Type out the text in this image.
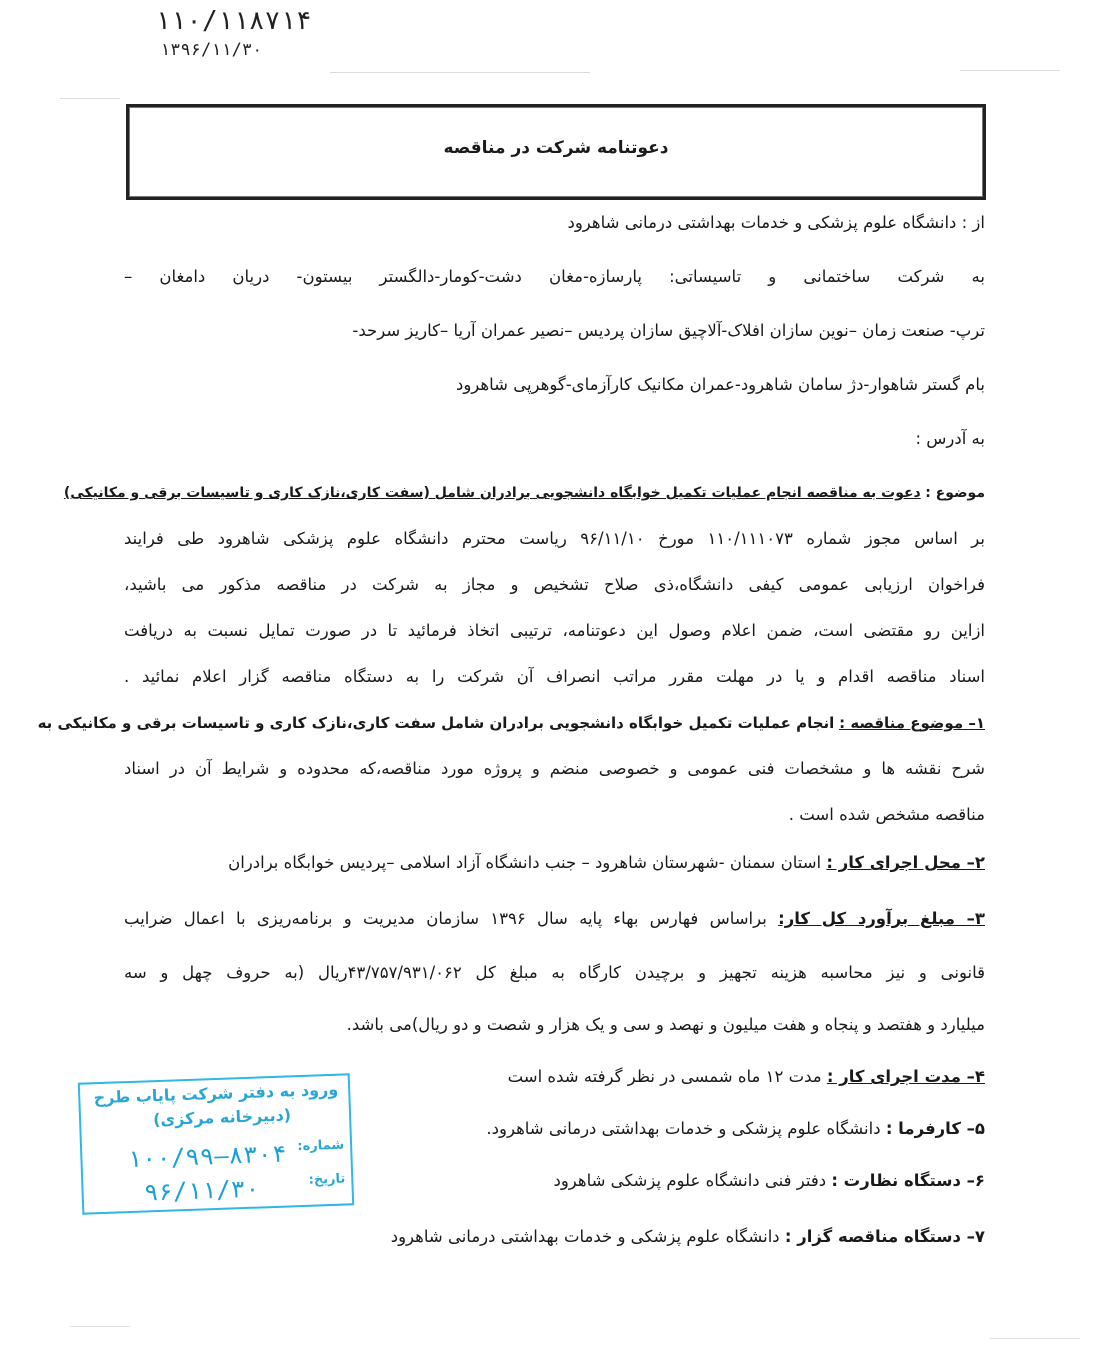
۱۱۰/۱۱۸۷۱۴
۱۳۹۶/۱۱/۳۰
دعوتنامه شرکت در مناقصه
از : دانشگاه علوم پزشکی و خدمات بهداشتی درمانی شاهرود
به شرکت ساختمانی و تاسیساتی: پارسازه-مغان دشت-کومار-دالگستر بیستون- دریان دامغان –
ترپ- صنعت زمان –نوین سازان افلاک-آلاچیق سازان پردیس –نصیر عمران آریا –کاریز سرحد-
بام گستر شاهوار-دژ سامان شاهرود-عمران مکانیک کارآزمای-گوهرپی شاهرود
به آدرس :
موضوع : دعوت به مناقصه انجام عملیات تکمیل خوابگاه دانشجویی برادران شامل (سفت کاری،نازک کاری و تاسیسات برقی و مکانیکی)
بر اساس مجوز شماره ۱۱۰/۱۱۱۰۷۳ مورخ ۹۶/۱۱/۱۰ ریاست محترم دانشگاه علوم پزشکی شاهرود طی فرایند
فراخوان ارزیابی عمومی کیفی دانشگاه،ذی صلاح تشخیص و مجاز به شرکت در مناقصه مذکور می باشید،
ازاین رو مقتضی است، ضمن اعلام وصول این دعوتنامه، ترتیبی اتخاذ فرمائید تا در صورت تمایل نسبت به دریافت
اسناد مناقصه اقدام و یا در مهلت مقرر مراتب انصراف آن شرکت را به دستگاه مناقصه گزار اعلام نمائید .
۱– موضوع مناقصه : انجام عملیات تکمیل خوابگاه دانشجویی برادران شامل سفت کاری،نازک کاری و تاسیسات برقی و مکانیکی به
شرح نقشه ها و مشخصات فنی عمومی و خصوصی منضم و پروژه مورد مناقصه،که محدوده و شرایط آن در اسناد
مناقصه مشخص شده است .
۲– محل اجرای کار : استان سمنان -شهرستان شاهرود – جنب دانشگاه آزاد اسلامی –پردیس خوابگاه برادران
۳– مبلغ برآورد کل کار: براساس فهارس بهاء پایه سال ۱۳۹۶ سازمان مدیریت و برنامه‌ریزی با اعمال ضرایب
قانونی و نیز محاسبه هزینه تجهیز و برچیدن کارگاه به مبلغ کل ۴۳/۷۵۷/۹۳۱/۰۶۲ریال (به حروف چهل و سه
میلیارد و هفتصد و پنجاه و هفت میلیون و نهصد و سی و یک هزار و شصت و دو ریال)می باشد.
۴– مدت اجرای کار : مدت ۱۲ ماه شمسی در نظر گرفته شده است
۵– کارفرما : دانشگاه علوم پزشکی و خدمات بهداشتی درمانی شاهرود.
۶– دستگاه نظارت : دفتر فنی دانشگاه علوم پزشکی شاهرود
۷– دستگاه مناقصه گزار : دانشگاه علوم پزشکی و خدمات بهداشتی درمانی شاهرود
ورود به دفتر شرکت پایاب طرح
(دبیرخانه مرکزی)
شماره:
۱۰۰/۹۹–۸۳۰۴
تاریخ:
۹۶/۱۱/۳۰
